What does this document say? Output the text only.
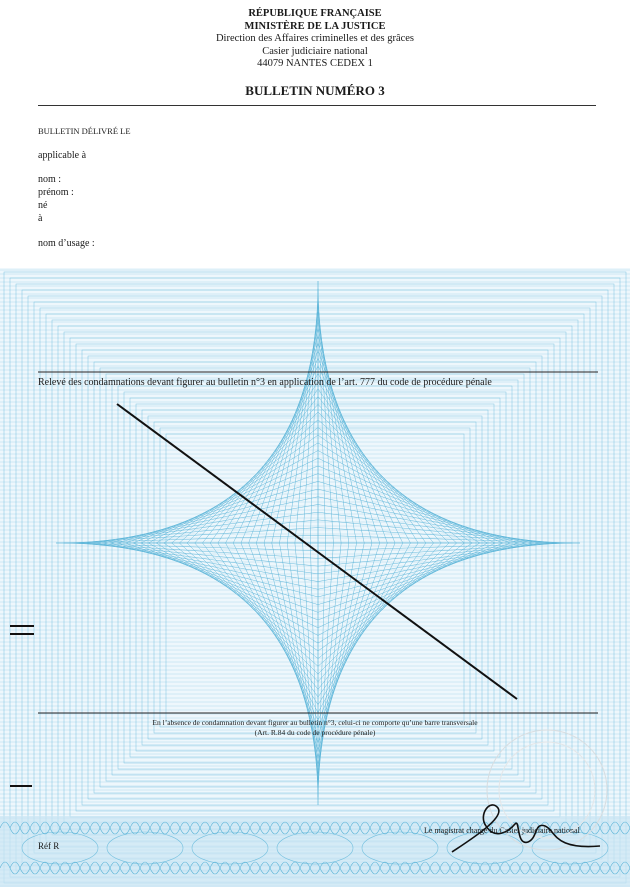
RÉPUBLIQUE FRANÇAISE
MINISTÈRE DE LA JUSTICE
Direction des Affaires criminelles et des grâces
Casier judiciaire national
44079 NANTES CEDEX 1
BULLETIN NUMÉRO 3
BULLETIN DÉLIVRÉ LE
applicable à
nom :
prénom :
né
à
nom d’usage :
Relevé des condamnations devant figurer au bulletin n°3 en application de l’art. 777 du code de procédure pénale
En l’absence de condamnation devant figurer au bulletin n°3, celui-ci ne comporte qu’une barre transversale
(Art. R.84 du code de procédure pénale)
Le magistrat chargé du Casier judiciaire national
Réf R
